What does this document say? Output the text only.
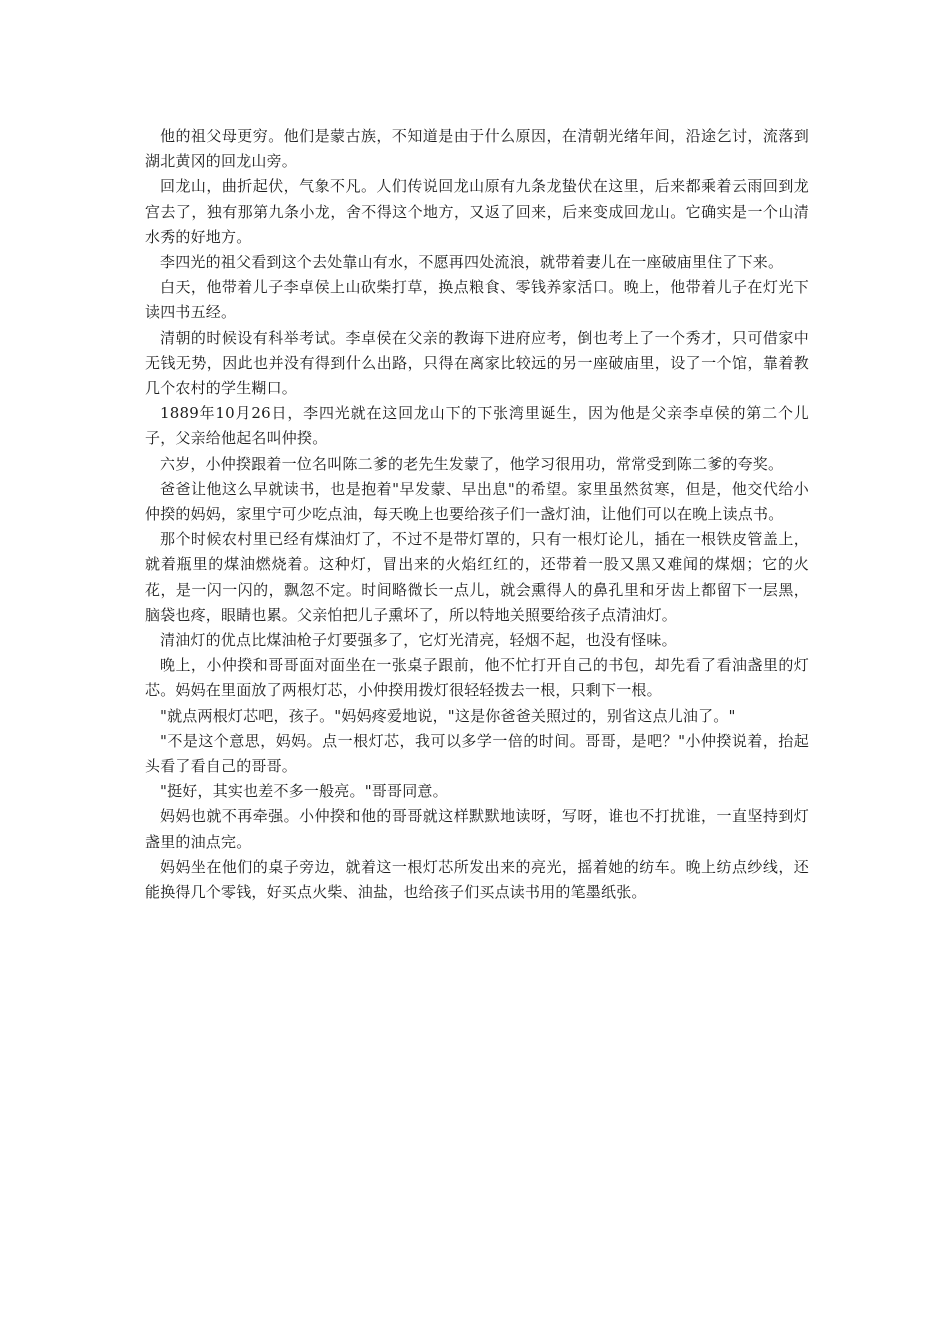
他的祖父母更穷。他们是蒙古族，不知道是由于什么原因，在清朝光绪年间，沿途乞讨，流落到湖北黄冈的回龙山旁。

回龙山，曲折起伏，气象不凡。人们传说回龙山原有九条龙蛰伏在这里，后来都乘着云雨回到龙宫去了，独有那第九条小龙，舍不得这个地方，又返了回来，后来变成回龙山。它确实是一个山清水秀的好地方。

李四光的祖父看到这个去处靠山有水，不愿再四处流浪，就带着妻儿在一座破庙里住了下来。

白天，他带着儿子李卓侯上山砍柴打草，换点粮食、零钱养家活口。晚上，他带着儿子在灯光下读四书五经。

清朝的时候设有科举考试。李卓侯在父亲的教诲下进府应考，倒也考上了一个秀才，只可借家中无钱无势，因此也并没有得到什么出路，只得在离家比较远的另一座破庙里，设了一个馆，靠着教几个农村的学生糊口。

1889年10月26日，李四光就在这回龙山下的下张湾里诞生，因为他是父亲李卓侯的第二个儿子，父亲给他起名叫仲揆。

六岁，小仲揆跟着一位名叫陈二爹的老先生发蒙了，他学习很用功，常常受到陈二爹的夸奖。

爸爸让他这么早就读书，也是抱着"早发蒙、早出息"的希望。家里虽然贫寒，但是，他交代给小仲揆的妈妈，家里宁可少吃点油，每天晚上也要给孩子们一盏灯油，让他们可以在晚上读点书。

那个时候农村里已经有煤油灯了，不过不是带灯罩的，只有一根灯论儿，插在一根铁皮管盖上，就着瓶里的煤油燃烧着。这种灯，冒出来的火焰红红的，还带着一股又黑又难闻的煤烟；它的火花，是一闪一闪的，飘忽不定。时间略微长一点儿，就会熏得人的鼻孔里和牙齿上都留下一层黑，脑袋也疼，眼睛也累。父亲怕把儿子熏坏了，所以特地关照要给孩子点清油灯。

清油灯的优点比煤油枪子灯要强多了，它灯光清亮，轻烟不起，也没有怪味。

晚上，小仲揆和哥哥面对面坐在一张桌子跟前，他不忙打开自己的书包，却先看了看油盏里的灯芯。妈妈在里面放了两根灯芯，小仲揆用拨灯很轻轻拨去一根，只剩下一根。

"就点两根灯芯吧，孩子。"妈妈疼爱地说，"这是你爸爸关照过的，别省这点儿油了。"

"不是这个意思，妈妈。点一根灯芯，我可以多学一倍的时间。哥哥，是吧？"小仲揆说着，抬起头看了看自己的哥哥。

"挺好，其实也差不多一般亮。"哥哥同意。

妈妈也就不再牵强。小仲揆和他的哥哥就这样默默地读呀，写呀，谁也不打扰谁，一直坚持到灯盏里的油点完。

妈妈坐在他们的桌子旁边，就着这一根灯芯所发出来的亮光，摇着她的纺车。晚上纺点纱线，还能换得几个零钱，好买点火柴、油盐，也给孩子们买点读书用的笔墨纸张。
